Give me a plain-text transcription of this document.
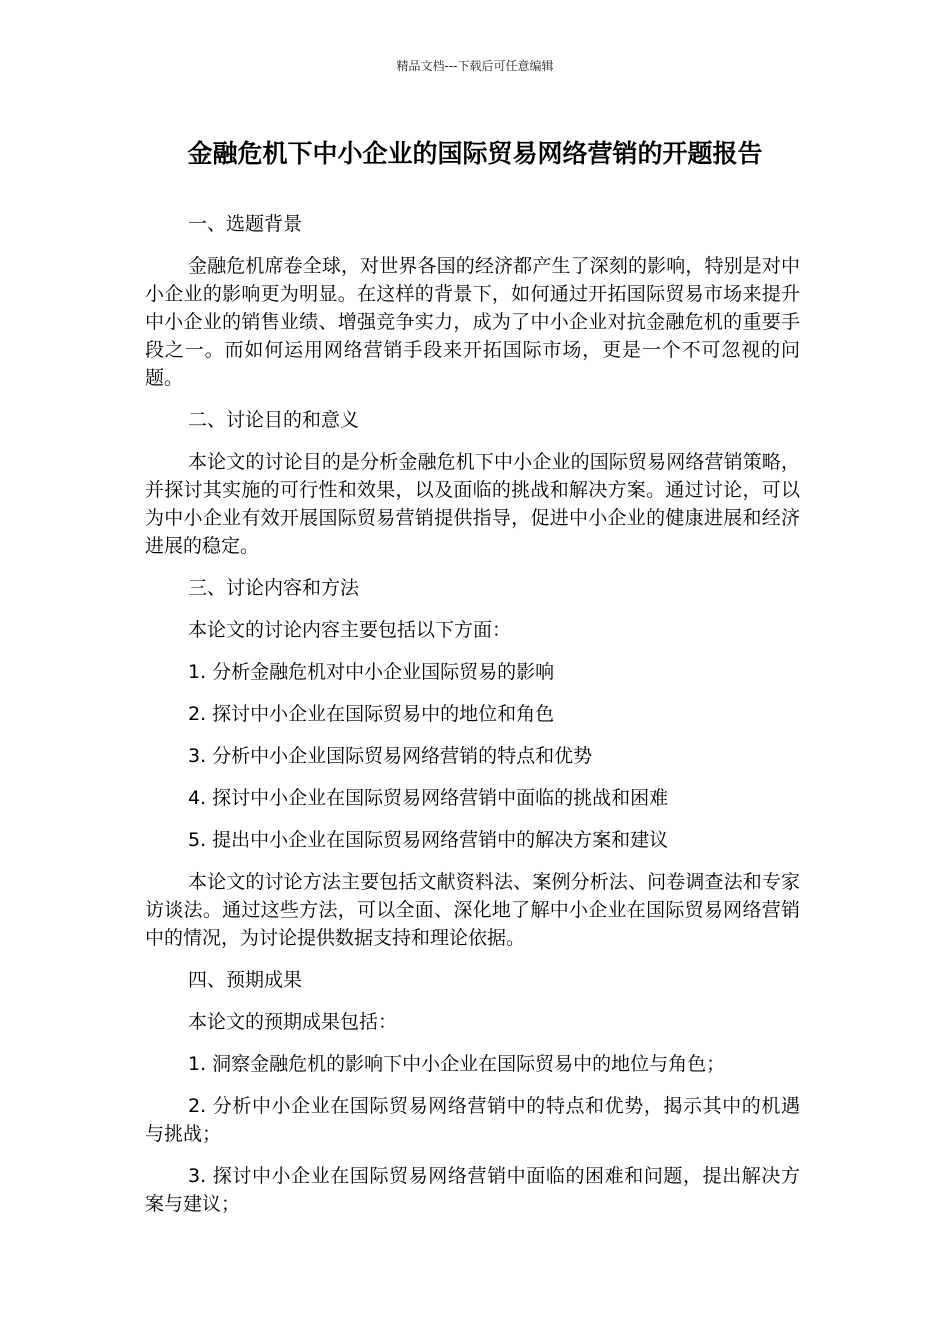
精品文档---下载后可任意编辑
金融危机下中小企业的国际贸易网络营销的开题报告

一、选题背景

金融危机席卷全球，对世界各国的经济都产生了深刻的影响，特别是对中小企业的影响更为明显。在这样的背景下，如何通过开拓国际贸易市场来提升中小企业的销售业绩、增强竞争实力，成为了中小企业对抗金融危机的重要手段之一。而如何运用网络营销手段来开拓国际市场，更是一个不可忽视的问题。

二、讨论目的和意义

本论文的讨论目的是分析金融危机下中小企业的国际贸易网络营销策略，并探讨其实施的可行性和效果，以及面临的挑战和解决方案。通过讨论，可以为中小企业有效开展国际贸易营销提供指导，促进中小企业的健康进展和经济进展的稳定。

三、讨论内容和方法

本论文的讨论内容主要包括以下方面：

1. 分析金融危机对中小企业国际贸易的影响

2. 探讨中小企业在国际贸易中的地位和角色

3. 分析中小企业国际贸易网络营销的特点和优势

4. 探讨中小企业在国际贸易网络营销中面临的挑战和困难

5. 提出中小企业在国际贸易网络营销中的解决方案和建议

本论文的讨论方法主要包括文献资料法、案例分析法、问卷调查法和专家访谈法。通过这些方法，可以全面、深化地了解中小企业在国际贸易网络营销中的情况，为讨论提供数据支持和理论依据。

四、预期成果

本论文的预期成果包括：

1. 洞察金融危机的影响下中小企业在国际贸易中的地位与角色；

2. 分析中小企业在国际贸易网络营销中的特点和优势，揭示其中的机遇与挑战；

3. 探讨中小企业在国际贸易网络营销中面临的困难和问题，提出解决方案与建议；
